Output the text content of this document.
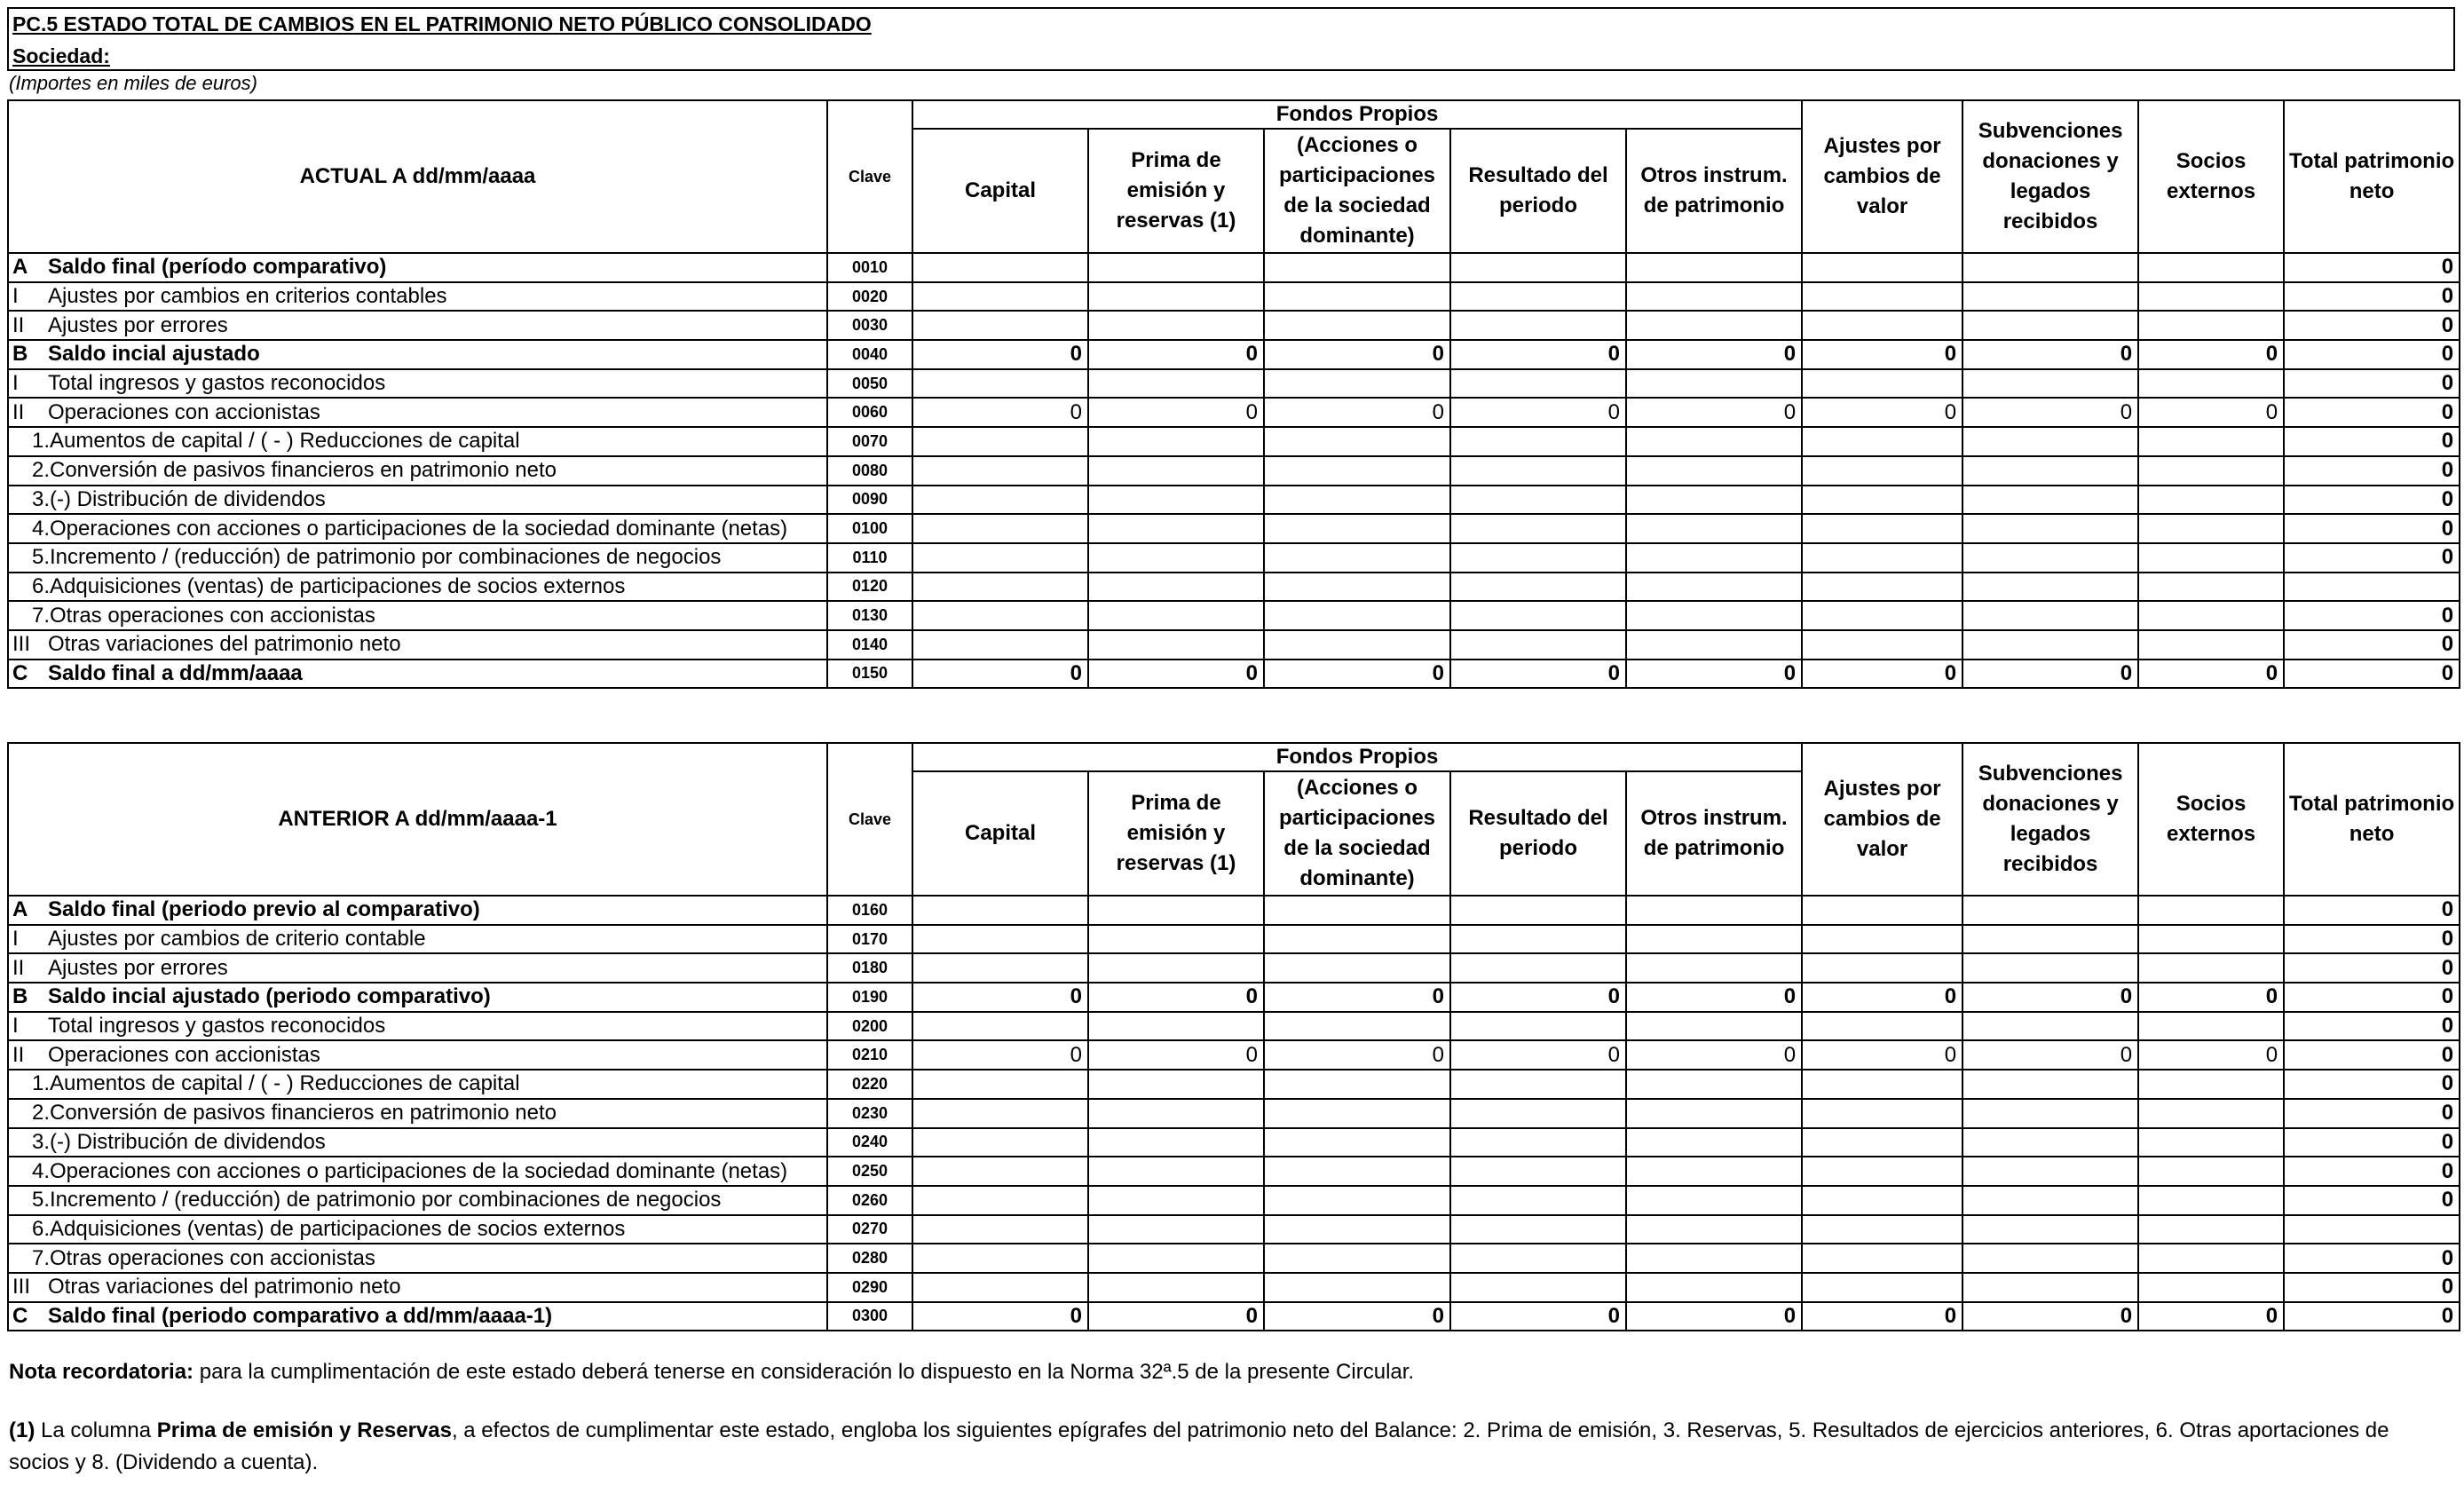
PC.5 ESTADO TOTAL DE CAMBIOS EN EL PATRIMONIO NETO PÚBLICO CONSOLIDADO
Sociedad:
(Importes en miles de euros)
ACTUAL A dd/mm/aaaa	Clave	Fondos Propios					Ajustes por cambios de valor	Subvenciones donaciones y legados recibidos	Socios externos	Total patrimonio neto
		Capital	Prima de emisión y reservas (1)	(Acciones o participaciones de la sociedad dominante)	Resultado del periodo	Otros instrum. de patrimonio				
A Saldo final (período comparativo)	0010									0
I Ajustes por cambios en criterios contables	0020									0
II Ajustes por errores	0030									0
B Saldo incial ajustado	0040	0	0	0	0	0	0	0	0	0
I Total ingresos y gastos reconocidos	0050									0
II Operaciones con accionistas	0060	0	0	0	0	0	0	0	0	0
1.Aumentos de capital / ( - ) Reducciones de capital	0070									0
2.Conversión de pasivos financieros en patrimonio neto	0080									0
3.(-) Distribución de dividendos	0090									0
4.Operaciones con acciones o participaciones de la sociedad dominante (netas)	0100									0
5.Incremento / (reducción) de patrimonio por combinaciones de negocios	0110									0
6.Adquisiciones (ventas) de participaciones de socios externos	0120									
7.Otras operaciones con accionistas	0130									0
III Otras variaciones del patrimonio neto	0140									0
C Saldo final a dd/mm/aaaa	0150	0	0	0	0	0	0	0	0	0
ANTERIOR A dd/mm/aaaa-1	Clave	Fondos Propios					Ajustes por cambios de valor	Subvenciones donaciones y legados recibidos	Socios externos	Total patrimonio neto
		Capital	Prima de emisión y reservas (1)	(Acciones o participaciones de la sociedad dominante)	Resultado del periodo	Otros instrum. de patrimonio				
A Saldo final (periodo previo al comparativo)	0160									0
I Ajustes por cambios de criterio contable	0170									0
II Ajustes por errores	0180									0
B Saldo incial ajustado (periodo comparativo)	0190	0	0	0	0	0	0	0	0	0
I Total ingresos y gastos reconocidos	0200									0
II Operaciones con accionistas	0210	0	0	0	0	0	0	0	0	0
1.Aumentos de capital / ( - ) Reducciones de capital	0220									0
2.Conversión de pasivos financieros en patrimonio neto	0230									0
3.(-) Distribución de dividendos	0240									0
4.Operaciones con acciones o participaciones de la sociedad dominante (netas)	0250									0
5.Incremento / (reducción) de patrimonio por combinaciones de negocios	0260									0
6.Adquisiciones (ventas) de participaciones de socios externos	0270									
7.Otras operaciones con accionistas	0280									0
III Otras variaciones del patrimonio neto	0290									0
C Saldo final (periodo comparativo a dd/mm/aaaa-1)	0300	0	0	0	0	0	0	0	0	0
Nota recordatoria: para la cumplimentación de este estado deberá tenerse en consideración lo dispuesto en la Norma 32ª.5 de la presente Circular.
(1) La columna Prima de emisión y Reservas, a efectos de cumplimentar este estado, engloba los siguientes epígrafes del patrimonio neto del Balance: 2. Prima de emisión, 3. Reservas, 5. Resultados de ejercicios anteriores, 6. Otras aportaciones de socios y 8. (Dividendo a cuenta).
